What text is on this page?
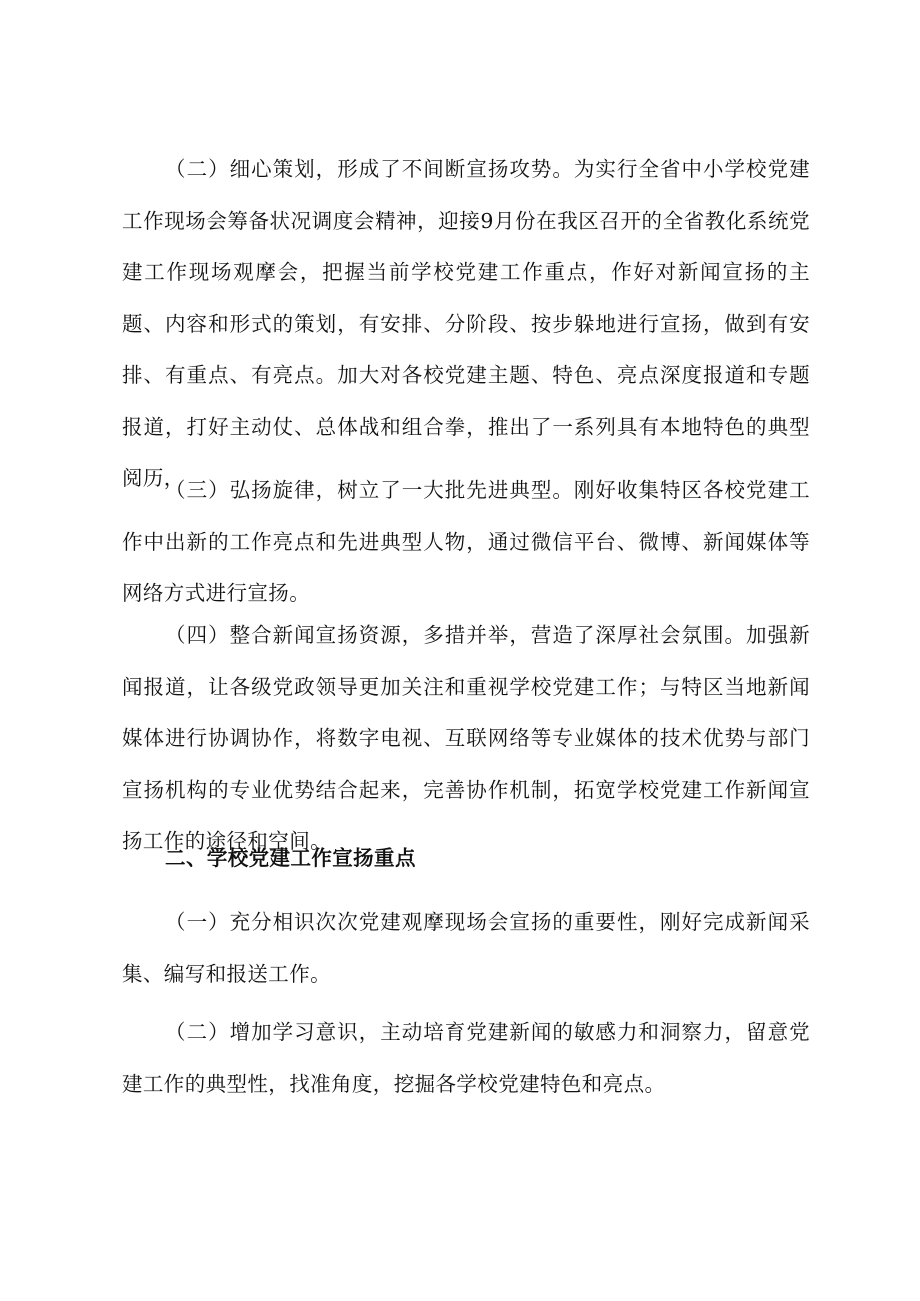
（二）细心策划，形成了不间断宣扬攻势。为实行全省中小学校党建工作现场会筹备状况调度会精神，迎接9月份在我区召开的全省教化系统党建工作现场观摩会，把握当前学校党建工作重点，作好对新闻宣扬的主题、内容和形式的策划，有安排、分阶段、按步躲地进行宣扬，做到有安排、有重点、有亮点。加大对各校党建主题、特色、亮点深度报道和专题报道，打好主动仗、总体战和组合拳，推出了一系列具有本地特色的典型阅历，

（三）弘扬旋律，树立了一大批先进典型。刚好收集特区各校党建工作中出新的工作亮点和先进典型人物，通过微信平台、微博、新闻媒体等网络方式进行宣扬。

（四）整合新闻宣扬资源，多措并举，营造了深厚社会氛围。加强新闻报道，让各级党政领导更加关注和重视学校党建工作；与特区当地新闻媒体进行协调协作，将数字电视、互联网络等专业媒体的技术优势与部门宣扬机构的专业优势结合起来，完善协作机制，拓宽学校党建工作新闻宣扬工作的途径和空间。

二、学校党建工作宣扬重点

（一）充分相识次次党建观摩现场会宣扬的重要性，刚好完成新闻采集、编写和报送工作。

（二）增加学习意识，主动培育党建新闻的敏感力和洞察力，留意党建工作的典型性，找准角度，挖掘各学校党建特色和亮点。
